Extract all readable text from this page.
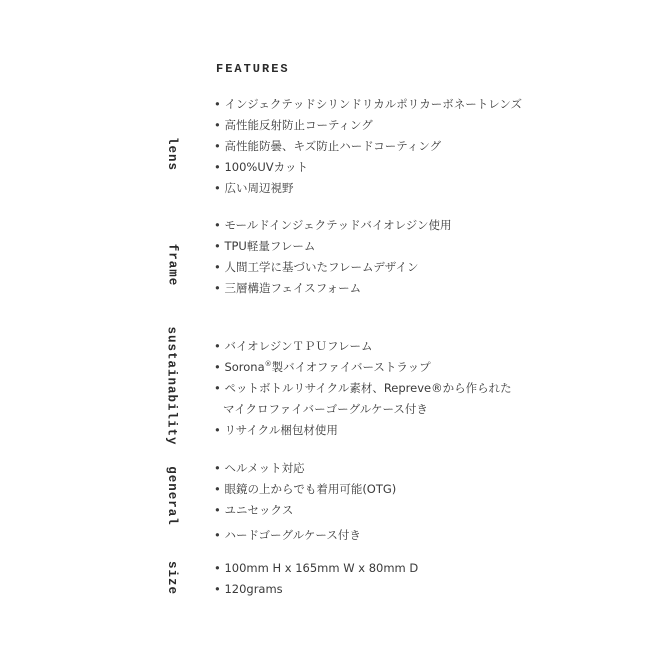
FEATURES
lens
• インジェクテッドシリンドリカルポリカーボネートレンズ
• 高性能反射防止コーティング
• 高性能防曇、キズ防止ハードコーティング
• 100%UVカット
• 広い周辺視野
frame
• モールドインジェクテッドバイオレジン使用
• TPU軽量フレーム
• 人間工学に基づいたフレームデザイン
• 三層構造フェイスフォーム
sustainability	• バイオレジンＴＰＵフレーム
• Sorona®製バイオファイバーストラップ
• ペットボトルリサイクル素材、Repreve®から作られた
マイクロファイバーゴーグルケース付き
• リサイクル梱包材使用
general	• ヘルメット対応
• 眼鏡の上からでも着用可能(OTG)
• ユニセックス
• ハードゴーグルケース付き
size	• 100mm H x 165mm W x 80mm D
• 120grams
